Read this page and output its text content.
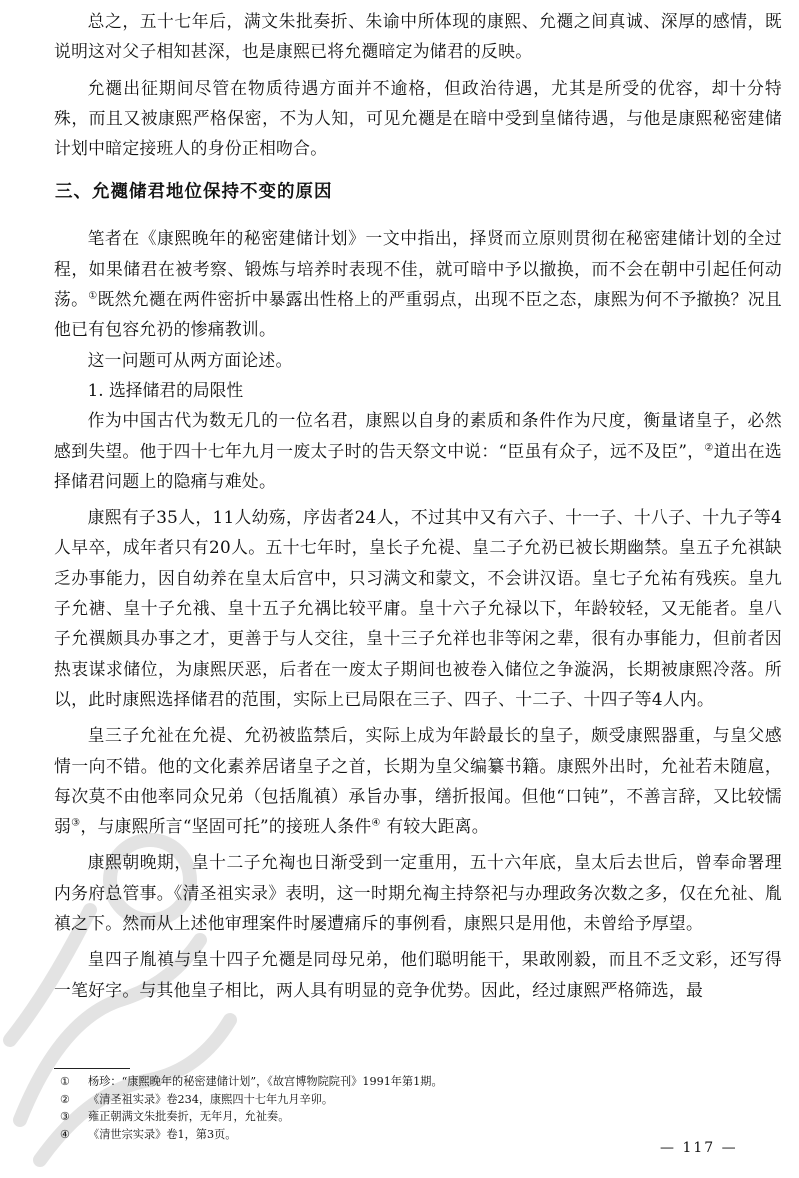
总之，五十七年后，满文朱批奏折、朱谕中所体现的康熙、允禵之间真诚、深厚的感情，既说明这对父子相知甚深，也是康熙已将允禵暗定为储君的反映。

允禵出征期间尽管在物质待遇方面并不逾格，但政治待遇，尤其是所受的优容，却十分特殊，而且又被康熙严格保密，不为人知，可见允禵是在暗中受到皇储待遇，与他是康熙秘密建储计划中暗定接班人的身份正相吻合。

三、允禵储君地位保持不变的原因

笔者在《康熙晚年的秘密建储计划》一文中指出，择贤而立原则贯彻在秘密建储计划的全过程，如果储君在被考察、锻炼与培养时表现不佳，就可暗中予以撤换，而不会在朝中引起任何动荡。①既然允禵在两件密折中暴露出性格上的严重弱点，出现不臣之态，康熙为何不予撤换？况且他已有包容允礽的惨痛教训。

这一问题可从两方面论述。

1. 选择储君的局限性

作为中国古代为数无几的一位名君，康熙以自身的素质和条件作为尺度，衡量诸皇子，必然感到失望。他于四十七年九月一废太子时的告天祭文中说：“臣虽有众子，远不及臣”，②道出在选择储君问题上的隐痛与难处。

康熙有子35人，11人幼殇，序齿者24人，不过其中又有六子、十一子、十八子、十九子等4人早卒，成年者只有20人。五十七年时，皇长子允禔、皇二子允礽已被长期幽禁。皇五子允祺缺乏办事能力，因自幼养在皇太后宫中，只习满文和蒙文，不会讲汉语。皇七子允祐有残疾。皇九子允禟、皇十子允䄉、皇十五子允禑比较平庸。皇十六子允禄以下，年龄较轻，又无能者。皇八子允禩颇具办事之才，更善于与人交往，皇十三子允祥也非等闲之辈，很有办事能力，但前者因热衷谋求储位，为康熙厌恶，后者在一废太子期间也被卷入储位之争漩涡，长期被康熙冷落。所以，此时康熙选择储君的范围，实际上已局限在三子、四子、十二子、十四子等4人内。

皇三子允祉在允禔、允礽被监禁后，实际上成为年龄最长的皇子，颇受康熙器重，与皇父感情一向不错。他的文化素养居诸皇子之首，长期为皇父编纂书籍。康熙外出时，允祉若未随扈，每次莫不由他率同众兄弟（包括胤禛）承旨办事，缮折报闻。但他“口钝”，不善言辞，又比较懦弱③，与康熙所言“坚固可托”的接班人条件④ 有较大距离。

康熙朝晚期，皇十二子允祹也日渐受到一定重用，五十六年底，皇太后去世后，曾奉命署理内务府总管事。《清圣祖实录》表明，这一时期允祹主持祭祀与办理政务次数之多，仅在允祉、胤禛之下。然而从上述他审理案件时屡遭痛斥的事例看，康熙只是用他，未曾给予厚望。

皇四子胤禛与皇十四子允禵是同母兄弟，他们聪明能干，果敢刚毅，而且不乏文彩，还写得一笔好字。与其他皇子相比，两人具有明显的竞争优势。因此，经过康熙严格筛选，最

① 杨珍：“康熙晚年的秘密建储计划”，《故宫博物院院刊》1991年第1期。
② 《清圣祖实录》卷234，康熙四十七年九月辛卯。
③ 雍正朝满文朱批奏折，无年月，允祉奏。
④ 《清世宗实录》卷1，第3页。
— 117 —
